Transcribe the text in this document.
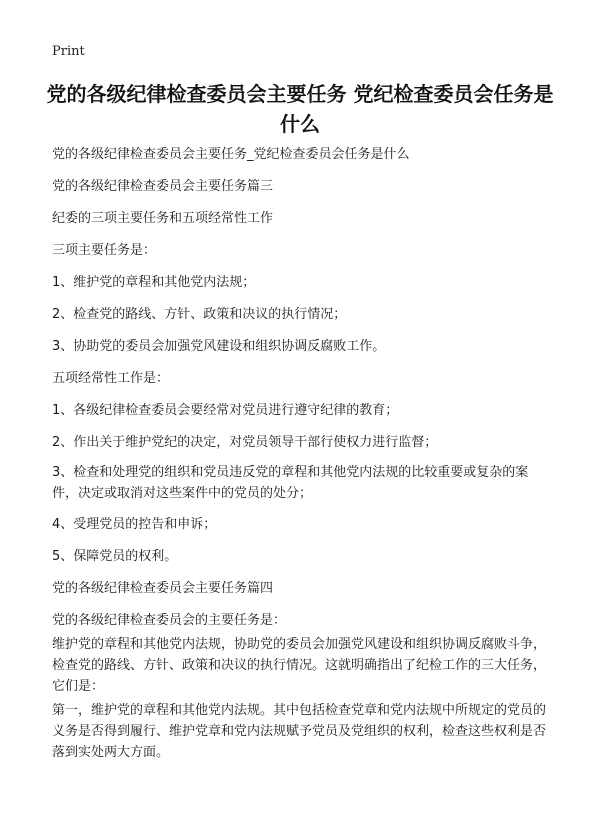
Print

党的各级纪律检查委员会主要任务 党纪检查委员会任务是什么

党的各级纪律检查委员会主要任务_党纪检查委员会任务是什么

党的各级纪律检查委员会主要任务篇三

纪委的三项主要任务和五项经常性工作

三项主要任务是：

1、维护党的章程和其他党内法规；

2、检查党的路线、方针、政策和决议的执行情况；

3、协助党的委员会加强党风建设和组织协调反腐败工作。

五项经常性工作是：

1、各级纪律检查委员会要经常对党员进行遵守纪律的教育；

2、作出关于维护党纪的决定，对党员领导干部行使权力进行监督；

3、检查和处理党的组织和党员违反党的章程和其他党内法规的比较重要或复杂的案件，决定或取消对这些案件中的党员的处分；

4、受理党员的控告和申诉；

5、保障党员的权利。

党的各级纪律检查委员会主要任务篇四

党的各级纪律检查委员会的主要任务是：

维护党的章程和其他党内法规，协助党的委员会加强党风建设和组织协调反腐败斗争，检查党的路线、方针、政策和决议的执行情况。这就明确指出了纪检工作的三大任务，它们是：

第一，维护党的章程和其他党内法规。其中包括检查党章和党内法规中所规定的党员的义务是否得到履行、维护党章和党内法规赋予党员及党组织的权利，检查这些权利是否落到实处两大方面。
